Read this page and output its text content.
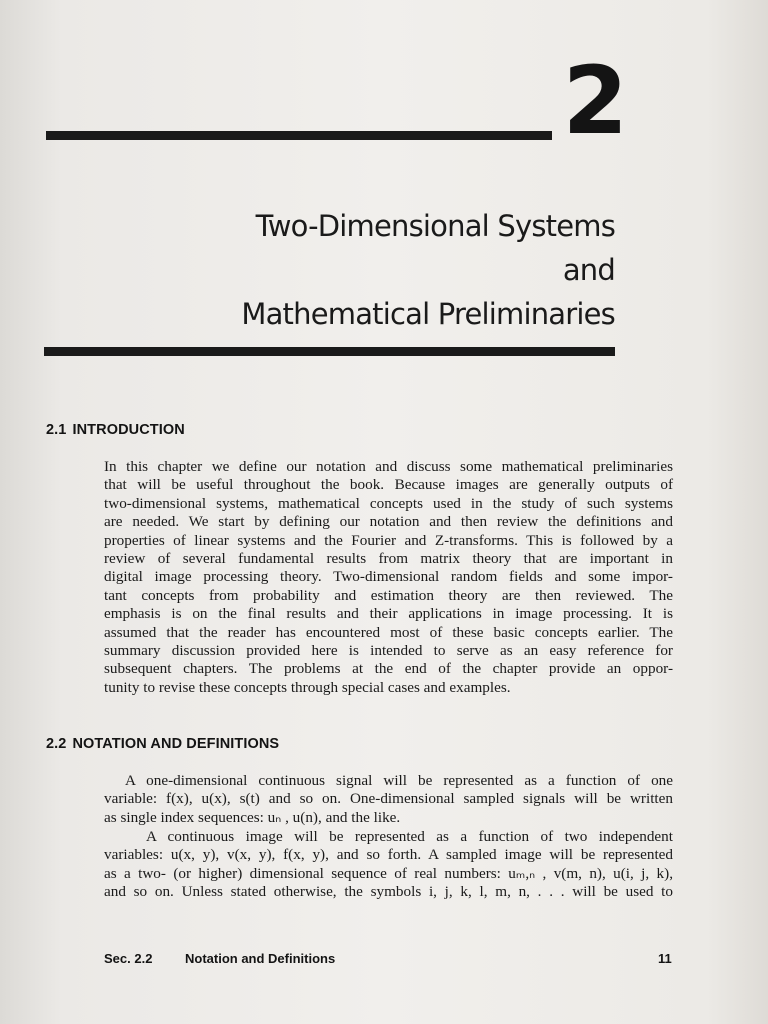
2
Two-Dimensional Systems
and
Mathematical Preliminaries
2.1 INTRODUCTION
In this chapter we define our notation and discuss some mathematical preliminaries
that will be useful throughout the book. Because images are generally outputs of
two-dimensional systems, mathematical concepts used in the study of such systems
are needed. We start by defining our notation and then review the definitions and
properties of linear systems and the Fourier and Z-transforms. This is followed by a
review of several fundamental results from matrix theory that are important in
digital image processing theory. Two-dimensional random fields and some impor-
tant concepts from probability and estimation theory are then reviewed. The
emphasis is on the final results and their applications in image processing. It is
assumed that the reader has encountered most of these basic concepts earlier. The
summary discussion provided here is intended to serve as an easy reference for
subsequent chapters. The problems at the end of the chapter provide an oppor-
tunity to revise these concepts through special cases and examples.
2.2 NOTATION AND DEFINITIONS
A one-dimensional continuous signal will be represented as a function of one
variable: f(x), u(x), s(t) and so on. One-dimensional sampled signals will be written
as single index sequences: uₙ , u(n), and the like.
A continuous image will be represented as a function of two independent
variables: u(x, y), v(x, y), f(x, y), and so forth. A sampled image will be represented
as a two- (or higher) dimensional sequence of real numbers: uₘ,ₙ , v(m, n), u(i, j, k),
and so on. Unless stated otherwise, the symbols i, j, k, l, m, n, . . . will be used to
Sec. 2.2	Notation and Definitions	11
